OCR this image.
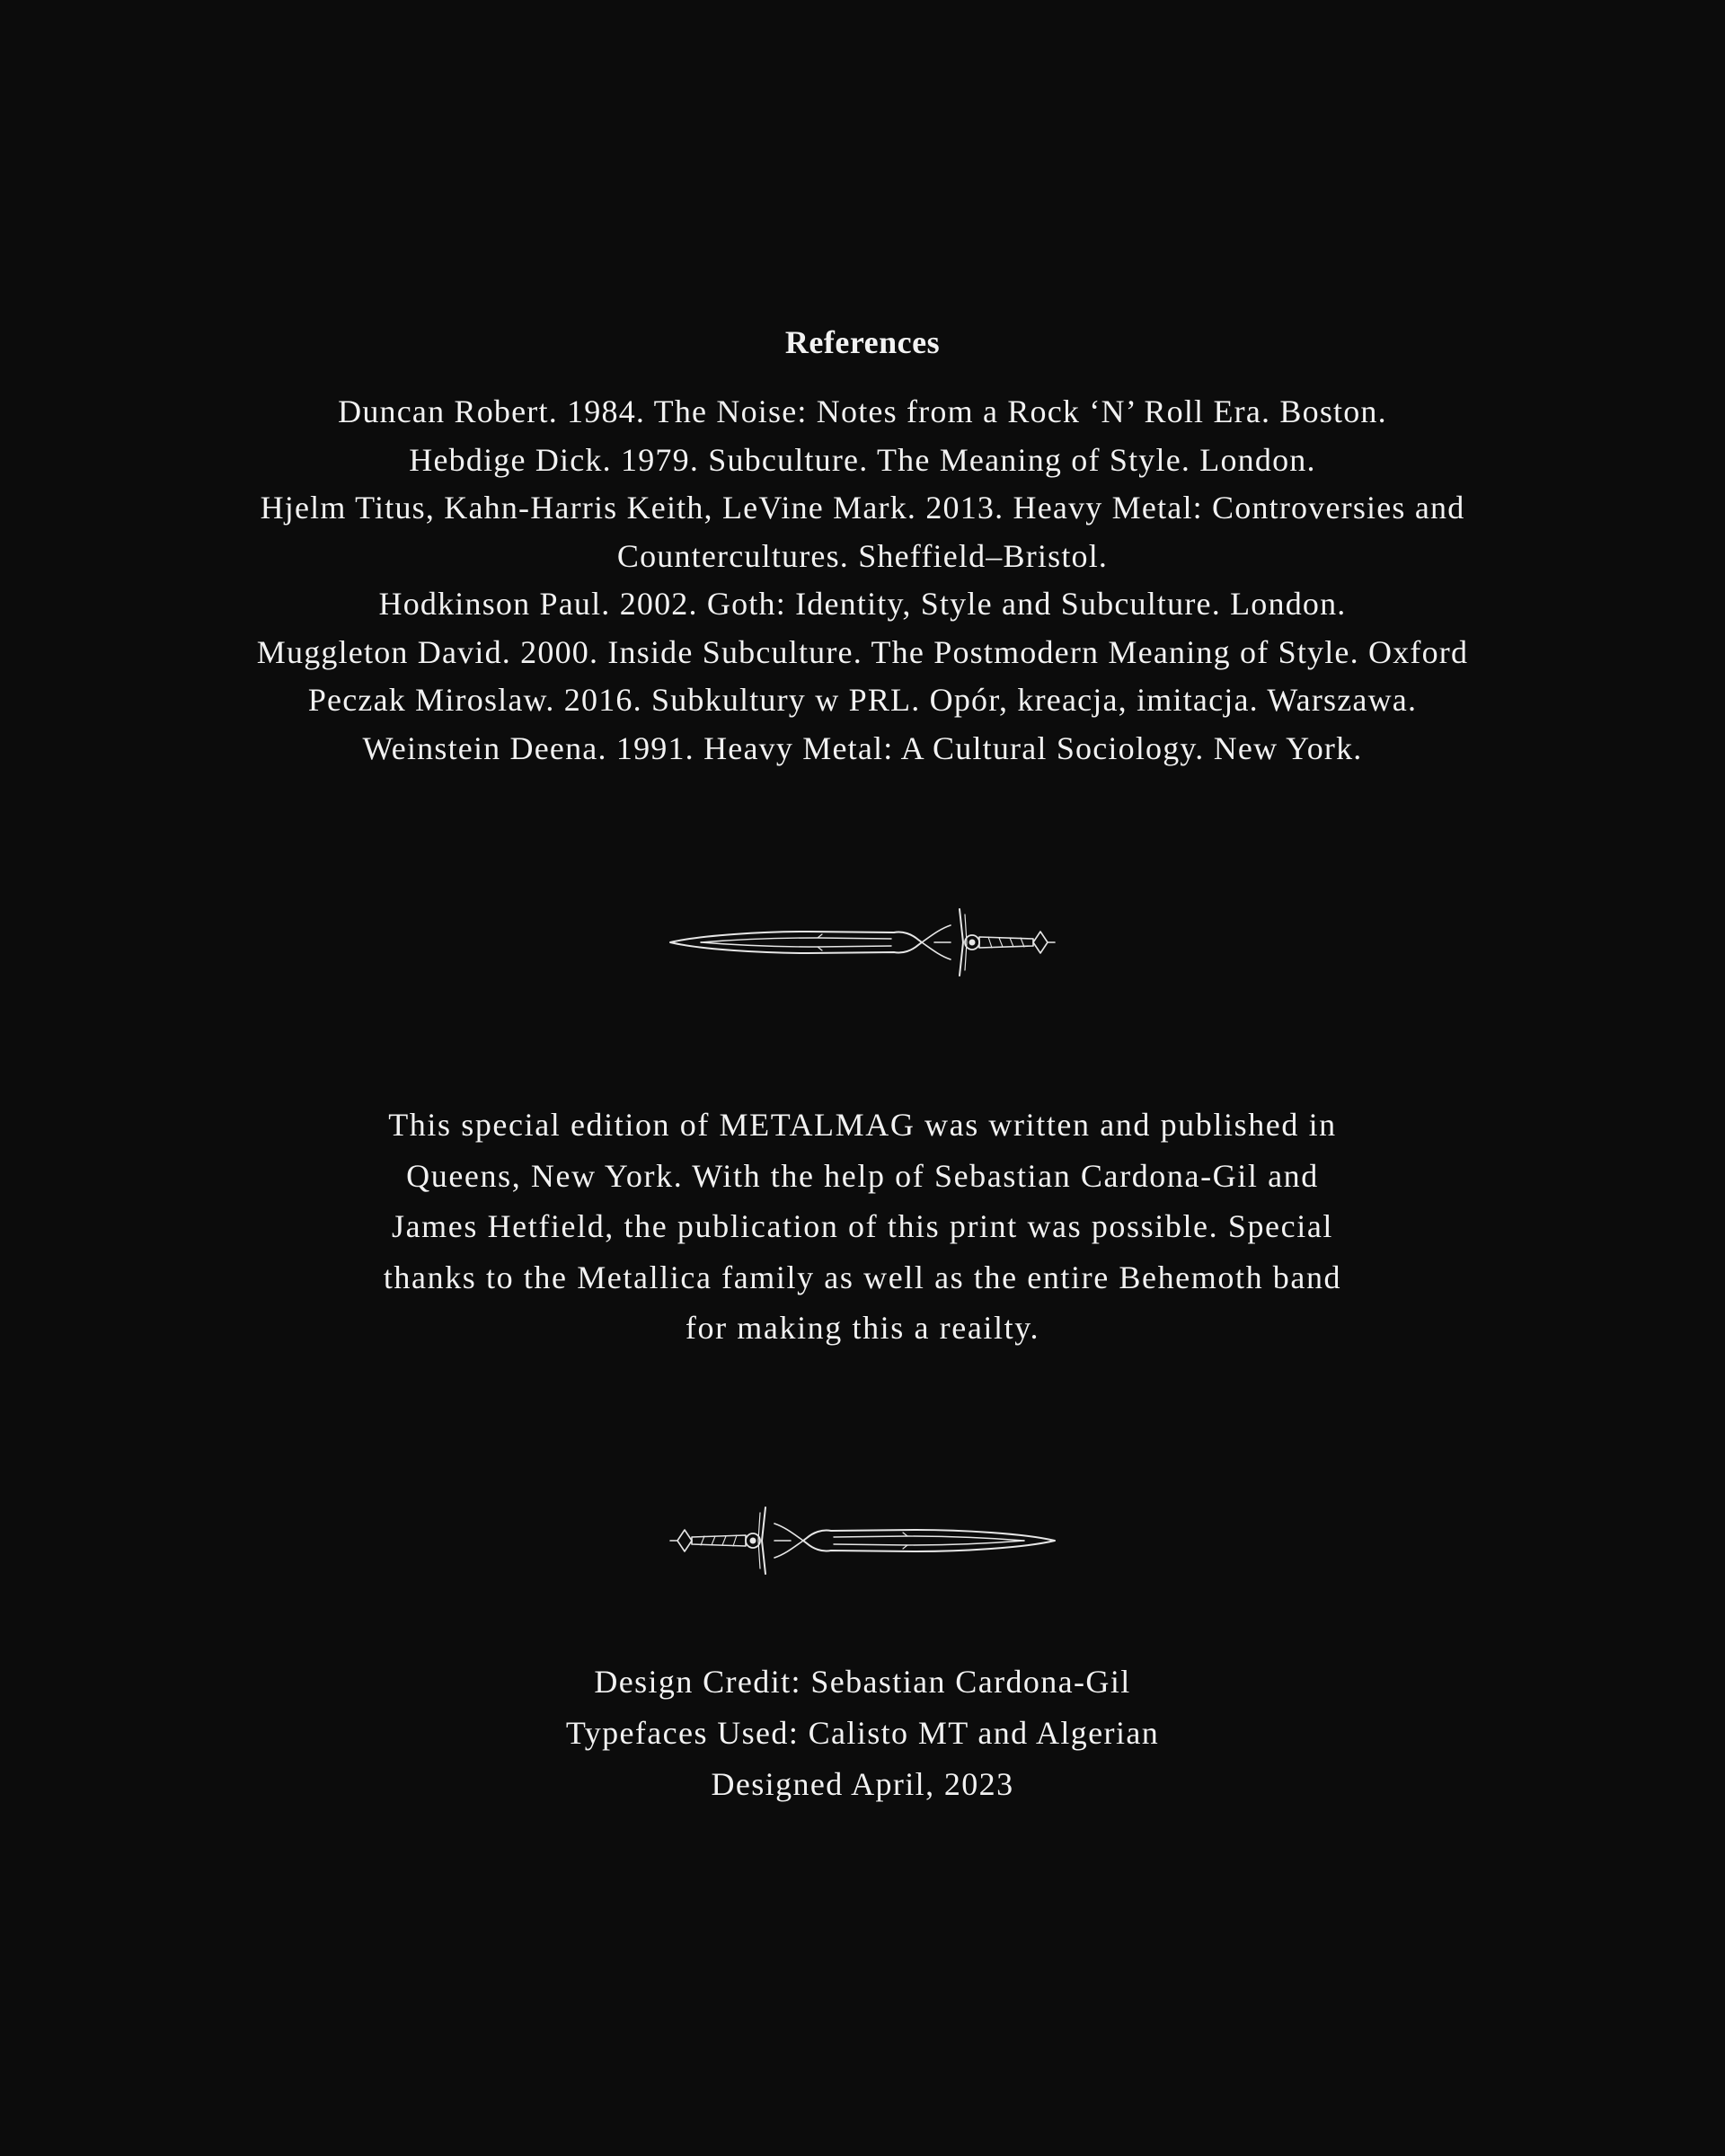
References
Duncan Robert. 1984. The Noise: Notes from a Rock ‘N’ Roll Era. Boston.
Hebdige Dick. 1979. Subculture. The Meaning of Style. London.
Hjelm Titus, Kahn-Harris Keith, LeVine Mark. 2013. Heavy Metal: Controversies and Countercultures. Sheffield–Bristol.
Hodkinson Paul. 2002. Goth: Identity, Style and Subculture. London.
Muggleton David. 2000. Inside Subculture. The Postmodern Meaning of Style. Oxford
Peczak Miroslaw. 2016. Subkultury w PRL. Opór, kreacja, imitacja. Warszawa.
Weinstein Deena. 1991. Heavy Metal: A Cultural Sociology. New York.
This special edition of METALMAG was written and published in Queens, New York. With the help of Sebastian Cardona-Gil and James Hetfield, the publication of this print was possible. Special thanks to the Metallica family as well as the entire Behemoth band for making this a reailty.
Design Credit: Sebastian Cardona-Gil
Typefaces Used: Calisto MT and Algerian
Designed April, 2023
